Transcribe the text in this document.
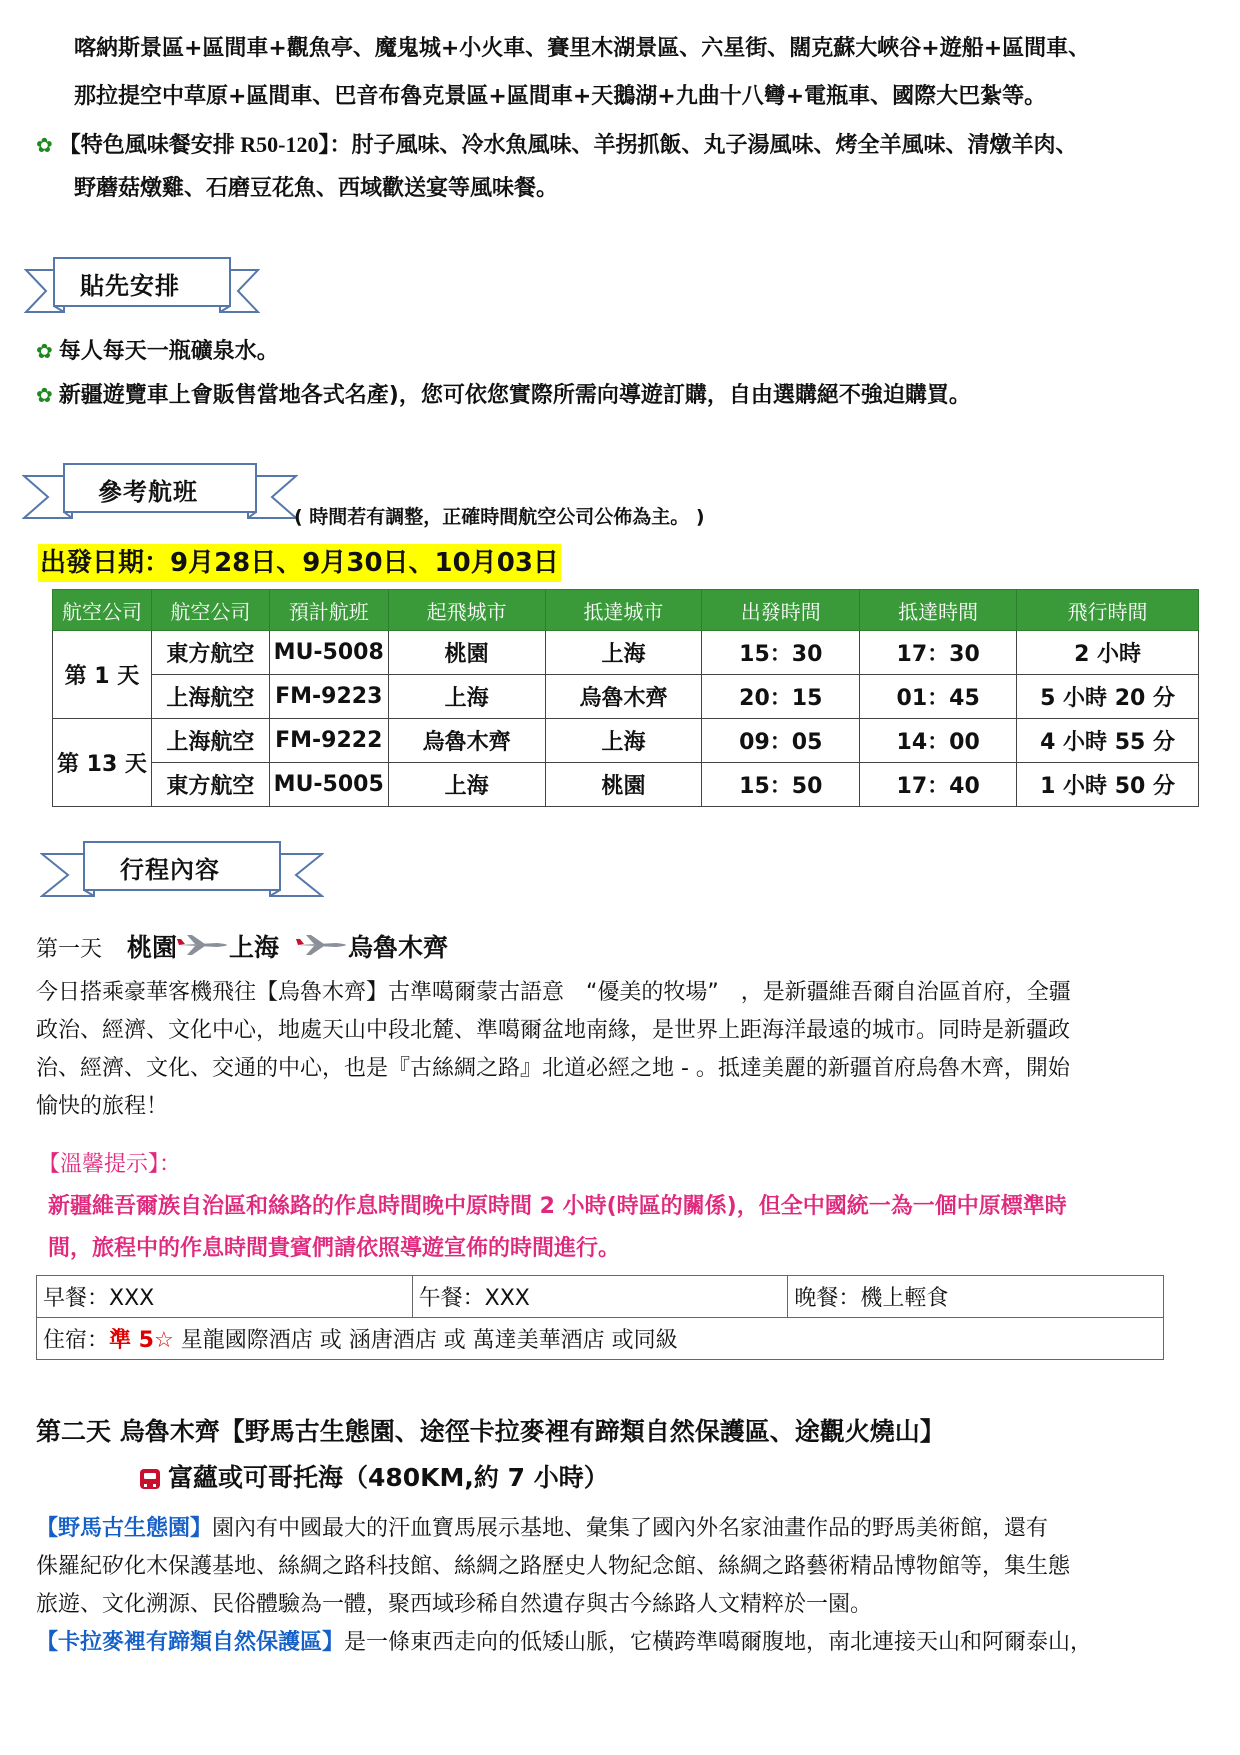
喀納斯景區+區間車+觀魚亭、魔鬼城+小火車、賽里木湖景區、六星街、闊克蘇大峽谷+遊船+區間車、
那拉提空中草原+區間車、巴音布魯克景區+區間車+天鵝湖+九曲十八彎+電瓶車、國際大巴紮等。
✿ 【特色風味餐安排 R50-120】：肘子風味、冷水魚風味、羊拐抓飯、丸子湯風味、烤全羊風味、清燉羊肉、
野蘑菇燉雞、石磨豆花魚、西域歡送宴等風味餐。
貼先安排
✿ 每人每天一瓶礦泉水。
✿ 新疆遊覽車上會販售當地各式名產)，您可依您實際所需向導遊訂購，自由選購絕不強迫購買。
參考航班
( 時間若有調整，正確時間航空公司公佈為主。 )
出發日期：9月28日、9月30日、10月03日
航空公司	航空公司	預計航班	起飛城市	抵達城市	出發時間	抵達時間	飛行時間
第 1 天	東方航空	MU-5008	桃園	上海	15：30	17：30	2 小時
	上海航空	FM-9223	上海	烏魯木齊	20：15	01：45	5 小時 20 分
第 13 天	上海航空	FM-9222	烏魯木齊	上海	09：05	14：00	4 小時 55 分
	東方航空	MU-5005	上海	桃園	15：50	17：40	1 小時 50 分
行程內容
第一天 桃園 上海	烏魯木齊
今日搭乘豪華客機飛往【烏魯木齊】古準噶爾蒙古語意　“優美的牧場”　，是新疆維吾爾自治區首府，全疆
政治、經濟、文化中心，地處天山中段北麓、準噶爾盆地南緣，是世界上距海洋最遠的城市。同時是新疆政
治、經濟、文化、交通的中心，也是『古絲綢之路』北道必經之地 - 。抵達美麗的新疆首府烏魯木齊，開始
愉快的旅程！
【溫馨提示】：
新疆維吾爾族自治區和絲路的作息時間晚中原時間 2 小時(時區的關係)，但全中國統一為一個中原標準時
間，旅程中的作息時間貴賓們請依照導遊宣佈的時間進行。
早餐：XXX	午餐：XXX	晚餐：機上輕食
住宿：準 5☆ 星龍國際酒店 或 涵唐酒店 或 萬達美華酒店 或同級
第二天 烏魯木齊【野馬古生態園、途徑卡拉麥裡有蹄類自然保護區、途觀火燒山】
富蘊或可哥托海（480KM,約 7 小時）
【野馬古生態園】園內有中國最大的汗血寶馬展示基地、彙集了國內外名家油畫作品的野馬美術館，還有
侏羅紀矽化木保護基地、絲綢之路科技館、絲綢之路歷史人物紀念館、絲綢之路藝術精品博物館等，集生態
旅遊、文化溯源、民俗體驗為一體，聚西域珍稀自然遺存與古今絲路人文精粹於一園。
【卡拉麥裡有蹄類自然保護區】是一條東西走向的低矮山脈，它橫跨準噶爾腹地，南北連接天山和阿爾泰山，
